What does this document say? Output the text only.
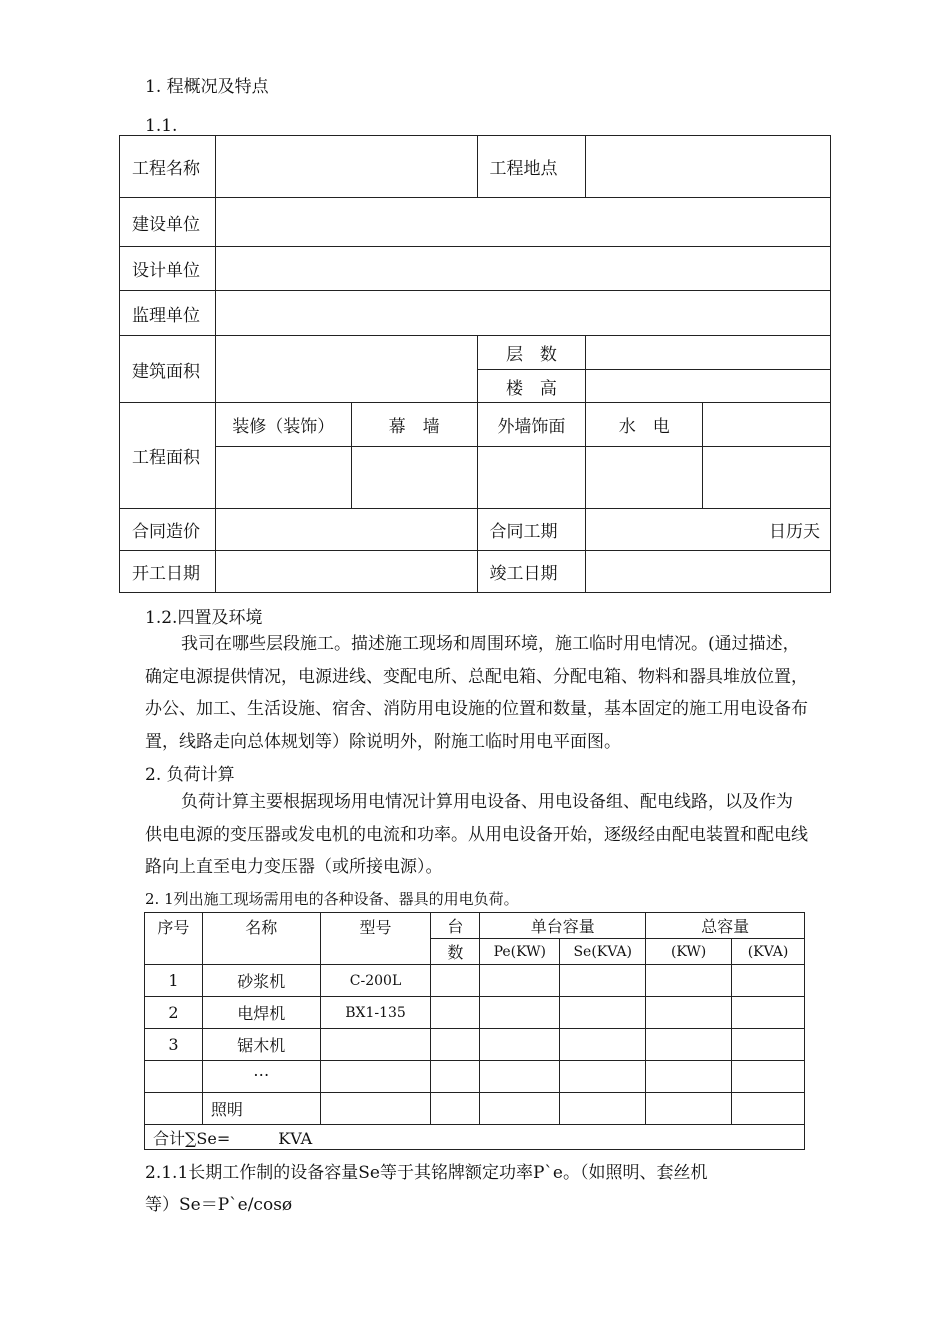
1. 程概况及特点
1.1.
工程名称			工程地点		
建设单位					
设计单位					
监理单位					
建筑面积			层　数		
			楼　高		
工程面积	装修（装饰）	幕　墙	外墙饰面	水　电	

合同造价			合同工期	日历天	
开工日期			竣工日期		
1.2.四置及环境
我司在哪些层段施工。描述施工现场和周围环境，施工临时用电情况。(通过描述，确定电源提供情况，电源进线、变配电所、总配电箱、分配电箱、物料和器具堆放位置，办公、加工、生活设施、宿舍、消防用电设施的位置和数量，基本固定的施工用电设备布置，线路走向总体规划等）除说明外，附施工临时用电平面图。
2. 负荷计算
负荷计算主要根据现场用电情况计算用电设备、用电设备组、配电线路，以及作为供电电源的变压器或发电机的电流和功率。从用电设备开始，逐级经由配电装置和配电线路向上直至电力变压器（或所接电源）。
2. 1列出施工现场需用电的各种设备、器具的用电负荷。
序号	名称	型号	台	单台容量		总容量	
			数	Pe(KW)	Se(KVA)	(KW)	(KVA)
1	砂浆机	C-200L					
2	电焊机	BX1-135					
3	锯木机						
	…						
	照明						
合计∑Se=　　　KVA							
2.1.1长期工作制的设备容量Se等于其铭牌额定功率P`e。（如照明、套丝机
等）Se＝P`e/cosø
